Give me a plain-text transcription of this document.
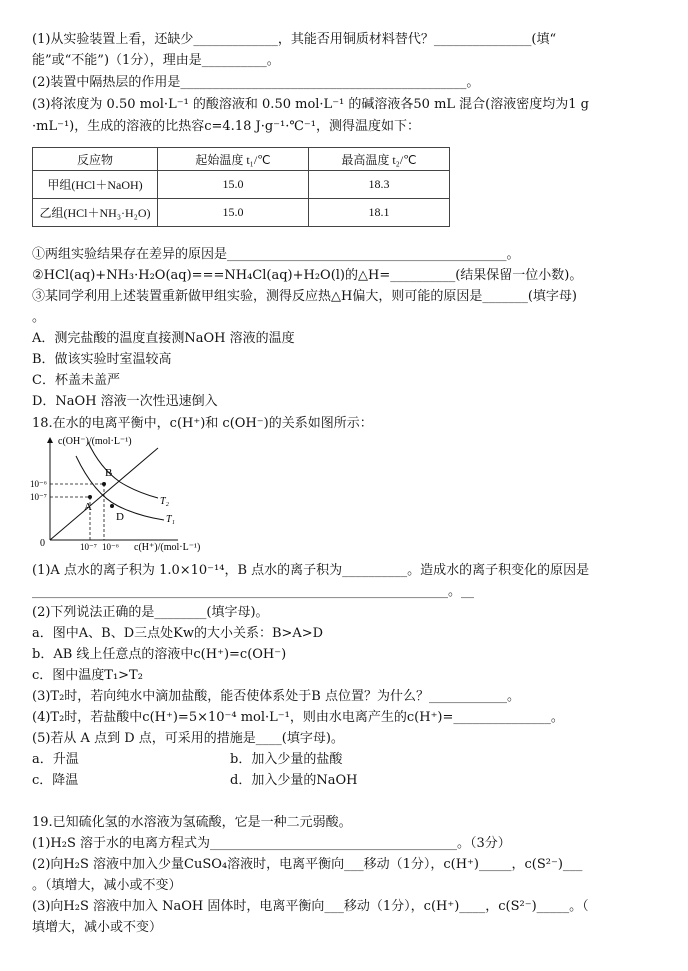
(1)从实验装置上看，还缺少_____________，其能否用铜质材料替代？_______________(填“
能”或“不能”)（1分），理由是__________。
(2)装置中隔热层的作用是____________________________________________。
(3)将浓度为 0.50 mol·L⁻¹ 的酸溶液和 0.50 mol·L⁻¹ 的碱溶液各50 mL 混合(溶液密度均为1 g
·mL⁻¹)，生成的溶液的比热容c=4.18 J·g⁻¹·℃⁻¹，测得温度如下：
反应物	起始温度 t₁/℃	最高温度 t₂/℃
甲组(HCl＋NaOH)	15.0	18.3
乙组(HCl＋NH₃·H₂O)	15.0	18.1
①两组实验结果存在差异的原因是___________________________________________。
②HCl(aq)+NH₃·H₂O(aq)===NH₄Cl(aq)+H₂O(l)的△H=__________(结果保留一位小数)。
③某同学利用上述装置重新做甲组实验，测得反应热△H偏大，则可能的原因是_______(填字母)
。
A．测完盐酸的温度直接测NaOH 溶液的温度
B．做该实验时室温较高
C．杯盖未盖严
D．NaOH 溶液一次性迅速倒入
18.在水的电离平衡中，c(H⁺)和 c(OH⁻)的关系如图所示：
A
B
D
T₂
T₁
c(OH⁻)/(mol·L⁻¹)
c(H⁺)/(mol·L⁻¹)
10⁻⁶
10⁻⁷
10⁻⁷ 10⁻⁶
0
(1)A 点水的离子积为 1.0×10⁻¹⁴，B 点水的离子积为__________。造成水的离子积变化的原因是
________________________________________________________________。__
(2)下列说法正确的是________(填字母)。
a．图中A、B、D三点处Kw的大小关系：B>A>D
b．AB 线上任意点的溶液中c(H⁺)=c(OH⁻)
c．图中温度T₁>T₂
(3)T₂时，若向纯水中滴加盐酸，能否使体系处于B 点位置？为什么？____________。
(4)T₂时，若盐酸中c(H⁺)=5×10⁻⁴ mol·L⁻¹，则由水电离产生的c(H⁺)=_______________。
(5)若从 A 点到 D 点，可采用的措施是____(填字母)。
a．升温	b．加入少量的盐酸
c．降温	d．加入少量的NaOH
19.已知硫化氢的水溶液为氢硫酸，它是一种二元弱酸。
(1)H₂S 溶于水的电离方程式为______________________________________。（3分）
(2)向H₂S 溶液中加入少量CuSO₄溶液时，电离平衡向___移动（1分），c(H⁺)_____，c(S²⁻)___
。（填增大，减小或不变）
(3)向H₂S 溶液中加入 NaOH 固体时，电离平衡向___移动（1分），c(H⁺)____，c(S²⁻)_____。（
填增大，减小或不变）
